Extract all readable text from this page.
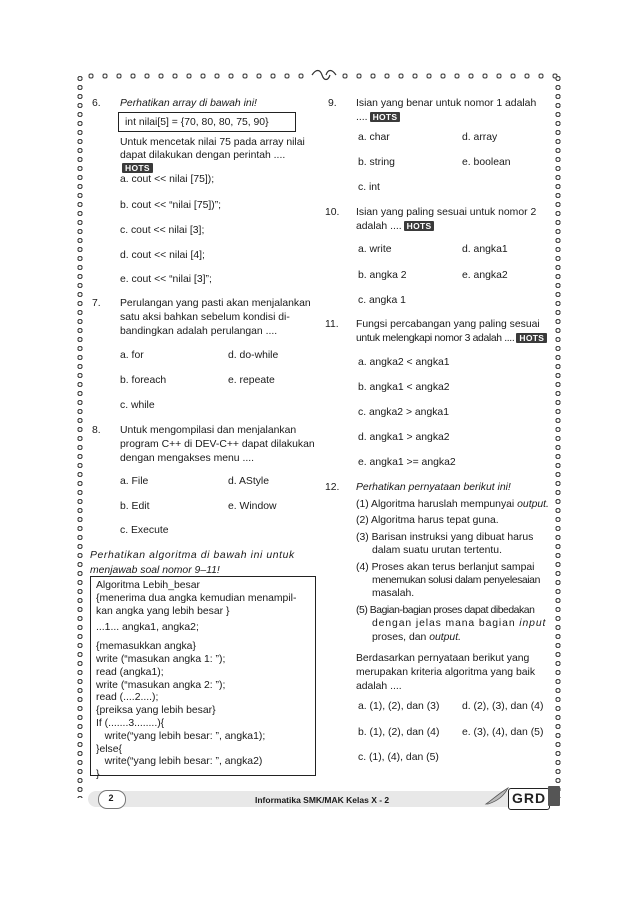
6. Perhatikan array di bawah ini!
int nilai[5] = {70, 80, 80, 75, 90}
Untuk mencetak nilai 75 pada array nilai
dapat dilakukan dengan perintah ....HOTS
a. cout << nilai [75]);
b. cout << “nilai [75])”;
c. cout << nilai [3];
d. cout << nilai [4];
e. cout << “nilai [3]”;
7. Perulangan yang pasti akan menjalankan
satu aksi bahkan sebelum kondisi di-
bandingkan adalah perulangan ....
a. for	d. do-while
b. foreach	e. repeate
c. while
8. Untuk mengompilasi dan menjalankan
program C++ di DEV-C++ dapat dilakukan
dengan mengakses menu ....
a. File	d. AStyle
b. Edit	e. Window
c. Execute
Perhatikan algoritma di bawah ini untuk
menjawab soal nomor 9–11!
Algoritma Lebih_besar
{menerima dua angka kemudian menampil-
kan angka yang lebih besar }
...1... angka1, angka2;
{memasukkan angka}
write (“masukan angka 1: ”);
read (angka1);
write (“masukan angka 2: ”);
read (....2....);
{preiksa yang lebih besar}
If (.......3........){
write(“yang lebih besar: ”, angka1);
}else{
write(“yang lebih besar: ”, angka2)
}
9. Isian yang benar untuk nomor 1 adalah
.... HOTS
a. char	d. array
b. string	e. boolean
c. int
10. Isian yang paling sesuai untuk nomor 2
adalah .... HOTS
a. write	d. angka1
b. angka 2	e. angka2
c. angka 1
11. Fungsi percabangan yang paling sesuai
untuk melengkapi nomor 3 adalah .... HOTS
a. angka2 < angka1
b. angka1 < angka2
c. angka2 > angka1
d. angka1 > angka2
e. angka1 >= angka2
12. Perhatikan pernyataan berikut ini!
(1) Algoritma haruslah mempunyai output.
(2) Algoritma harus tepat guna.
(3) Barisan instruksi yang dibuat harus
dalam suatu urutan tertentu.
(4) Proses akan terus berlanjut sampai
menemukan solusi dalam penyelesaian
masalah.
(5) Bagian-bagian proses dapat dibedakan
dengan jelas mana bagian input
proses, dan output.
Berdasarkan pernyataan berikut yang
merupakan kriteria algoritma yang baik
adalah ....
a. (1), (2), dan (3) d. (2), (3), dan (4)
b. (1), (2), dan (4) e. (3), (4), dan (5)
c. (1), (4), dan (5)
2	Informatika SMK/MAK Kelas X - 2	GRD
